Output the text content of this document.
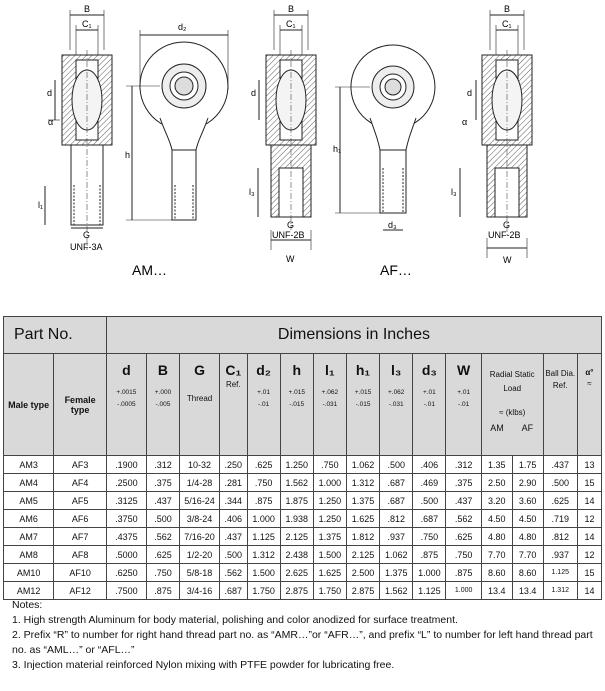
B
C₁
d
α
l₁
G
UNF-3A
d₂
h
AM…
B
C₁
d
l₃
G
UNF-2B
W
h₁
d₃
AF…
B
C₁
d
α
l₃
G
UNF-2B
W
Part No.		Dimensions in Inches														

Male type	Female type	d
+.0015
-.0005	B
+.000
-.005	G
Thread	C₁
Ref.	d₂
+.01
-.01	h
+.015
-.015	l₁
+.062
-.031	h₁
+.015
-.015	l₃
+.062
-.031	d₃
+.01
-.01	W
+.01
-.01	Radial Static Load
≈ (klbs)
AM AF		Ball Dia. Ref.	α°
≈

AM3	AF3	.1900	.312	10-32	.250	.625	1.250	.750	1.062	.500	.406	.312	1.35	1.75	.437	13
AM4	AF4	.2500	.375	1/4-28	.281	.750	1.562	1.000	1.312	.687	.469	.375	2.50	2.90	.500	15
AM5	AF5	.3125	.437	5/16-24	.344	.875	1.875	1.250	1.375	.687	.500	.437	3.20	3.60	.625	14
AM6	AF6	.3750	.500	3/8-24	.406	1.000	1.938	1.250	1.625	.812	.687	.562	4.50	4.50	.719	12
AM7	AF7	.4375	.562	7/16-20	.437	1.125	2.125	1.375	1.812	.937	.750	.625	4.80	4.80	.812	14
AM8	AF8	.5000	.625	1/2-20	.500	1.312	2.438	1.500	2.125	1.062	.875	.750	7.70	7.70	.937	12
AM10	AF10	.6250	.750	5/8-18	.562	1.500	2.625	1.625	2.500	1.375	1.000	.875	8.60	8.60	1.125	15
AM12	AF12	.7500	.875	3/4-16	.687	1.750	2.875	1.750	2.875	1.562	1.125	1.000	13.4	13.4	1.312	14
Notes:
1. High strength Aluminum for body material, polishing and color anodized for surface treatment.
2. Prefix “R” to number for right hand thread part no. as “AMR…”or “AFR…”, and prefix “L” to number for left hand thread part no. as “AML…” or “AFL…”
3. Injection material reinforced Nylon mixing with PTFE powder for lubricating free.
